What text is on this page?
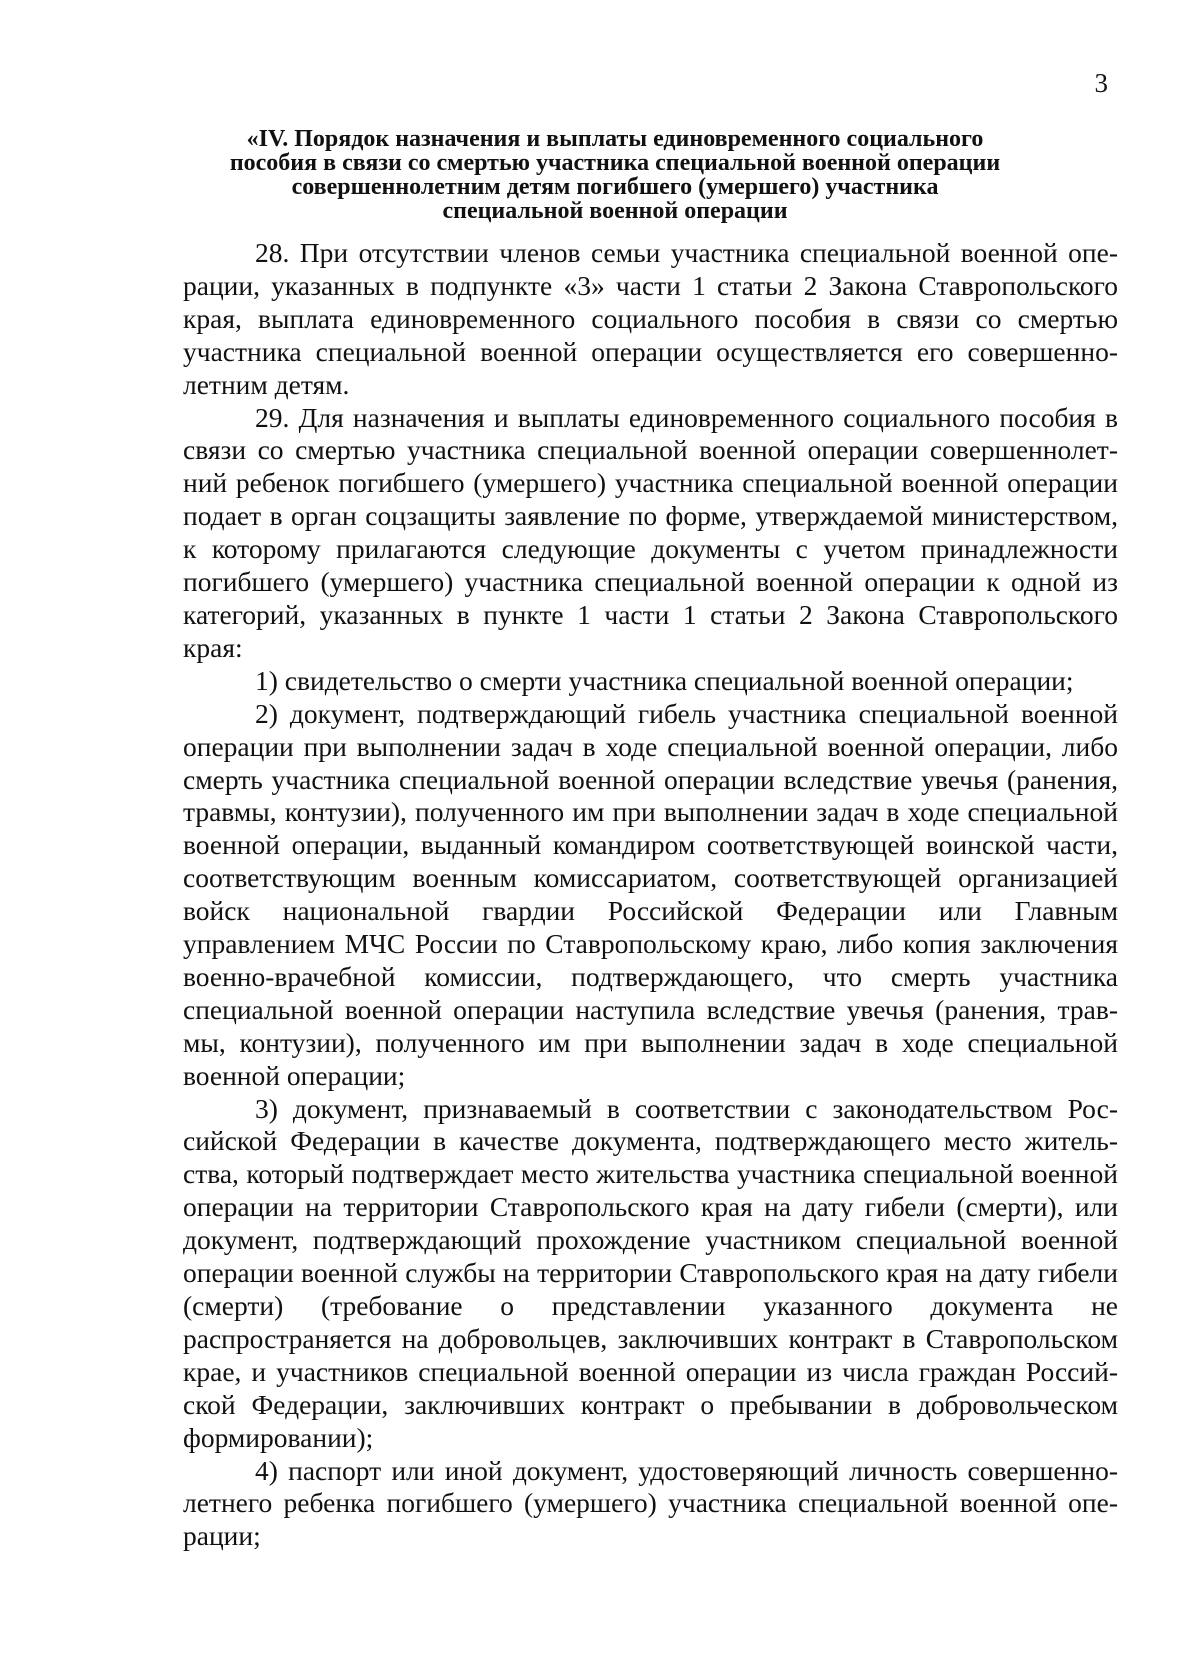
3
«IV. Порядок назначения и выплаты единовременного социального
пособия в связи со смертью участника специальной военной операции
совершеннолетним детям погибшего (умершего) участника
специальной военной операции

28. При отсутствии членов семьи участника специальной военной операции, указанных в подпункте «3» части 1 статьи 2 Закона Ставропольского края, выплата единовременного социального пособия в связи со смертью участника специальной военной операции осуществляется его совершеннолетним детям.

29. Для назначения и выплаты единовременного социального пособия в связи со смертью участника специальной военной операции совершеннолетний ребенок погибшего (умершего) участника специальной военной операции подает в орган соцзащиты заявление по форме, утверждаемой министерством, к которому прилагаются следующие документы с учетом принадлежности погибшего (умершего) участника специальной военной операции к одной из категорий, указанных в пункте 1 части 1 статьи 2 Закона Ставропольского края:

1) свидетельство о смерти участника специальной военной операции;

2) документ, подтверждающий гибель участника специальной военной операции при выполнении задач в ходе специальной военной операции, либо смерть участника специальной военной операции вследствие увечья (ранения, травмы, контузии), полученного им при выполнении задач в ходе специальной военной операции, выданный командиром соответствующей воинской части, соответствующим военным комиссариатом, соответствующей организацией войск национальной гвардии Российской Федерации или Главным управлением МЧС России по Ставропольскому краю, либо копия заключения военно-врачебной комиссии, подтверждающего, что смерть участника специальной военной операции наступила вследствие увечья (ранения, травмы, контузии), полученного им при выполнении задач в ходе специальной военной операции;

3) документ, признаваемый в соответствии с законодательством Российской Федерации в качестве документа, подтверждающего место жительства, который подтверждает место жительства участника специальной военной операции на территории Ставропольского края на дату гибели (смерти), или документ, подтверждающий прохождение участником специальной военной операции военной службы на территории Ставропольского края на дату гибели (смерти) (требование о представлении указанного документа не распространяется на добровольцев, заключивших контракт в Ставропольском крае, и участников специальной военной операции из числа граждан Российской Федерации, заключивших контракт о пребывании в добровольческом формировании);

4) паспорт или иной документ, удостоверяющий личность совершеннолетнего ребенка погибшего (умершего) участника специальной военной операции;
